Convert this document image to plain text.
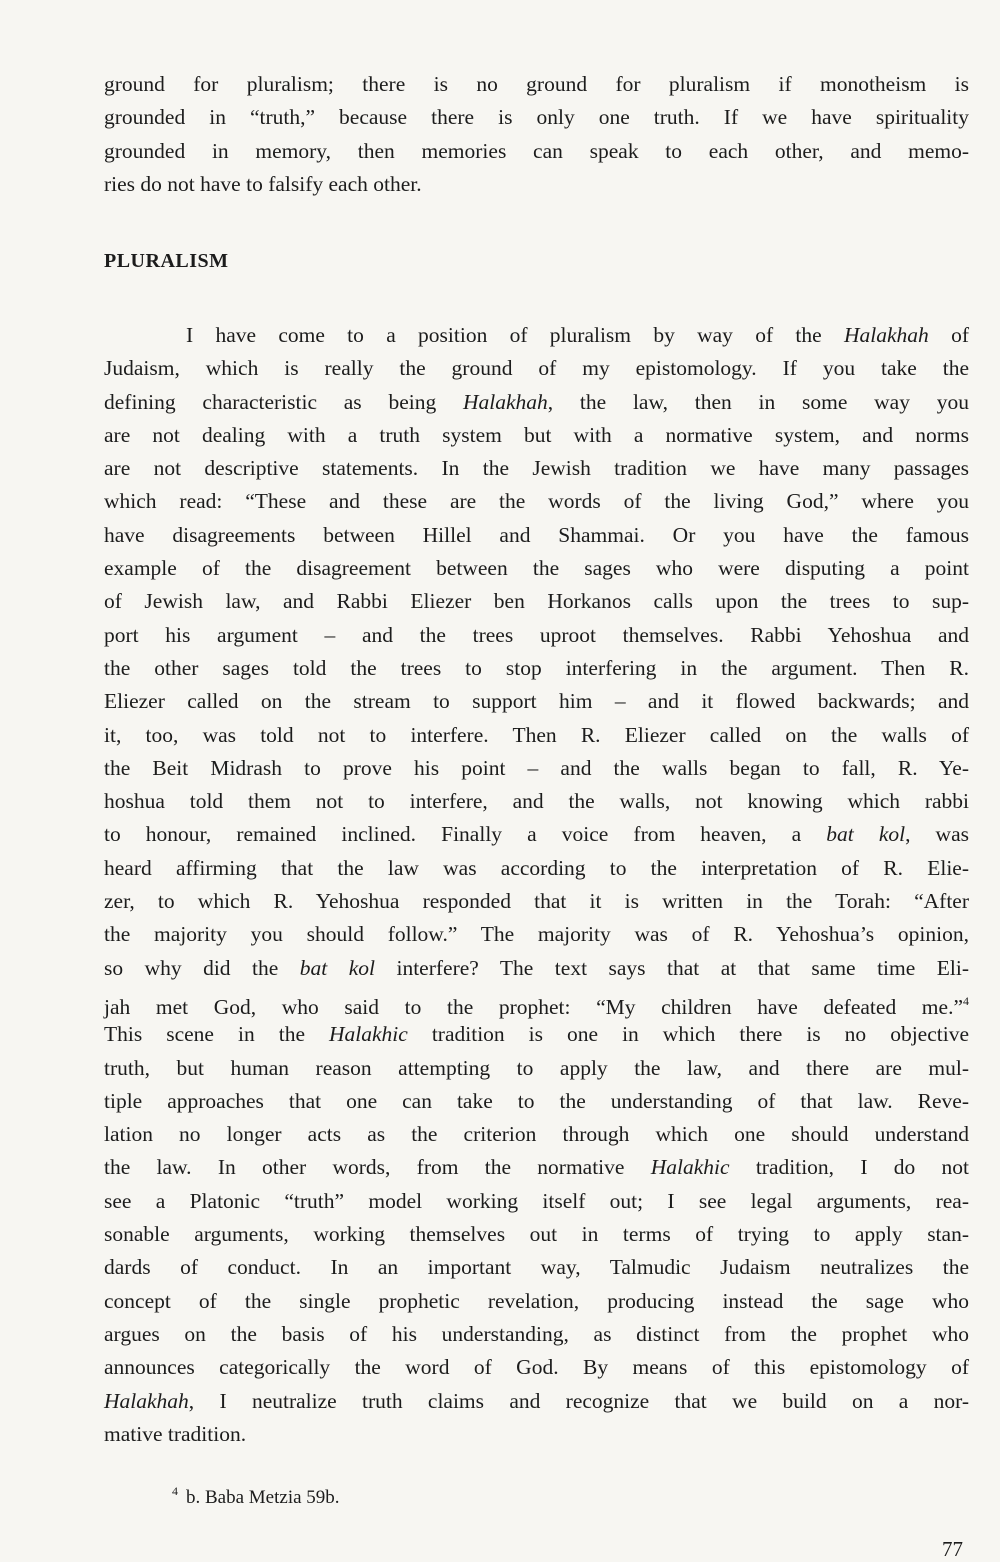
ground for pluralism; there is no ground for pluralism if monotheism is
grounded in “truth,” because there is only one truth. If we have spirituality
grounded in memory, then memories can speak to each other, and memo-
ries do not have to falsify each other.
PLURALISM
I have come to a position of pluralism by way of the Halakhah of
Judaism, which is really the ground of my epistomology. If you take the
defining characteristic as being Halakhah, the law, then in some way you
are not dealing with a truth system but with a normative system, and norms
are not descriptive statements. In the Jewish tradition we have many passages
which read: “These and these are the words of the living God,” where you
have disagreements between Hillel and Shammai. Or you have the famous
example of the disagreement between the sages who were disputing a point
of Jewish law, and Rabbi Eliezer ben Horkanos calls upon the trees to sup-
port his argument – and the trees uproot themselves. Rabbi Yehoshua and
the other sages told the trees to stop interfering in the argument. Then R.
Eliezer called on the stream to support him – and it flowed backwards; and
it, too, was told not to interfere. Then R. Eliezer called on the walls of
the Beit Midrash to prove his point – and the walls began to fall, R. Ye-
hoshua told them not to interfere, and the walls, not knowing which rabbi
to honour, remained inclined. Finally a voice from heaven, a bat kol, was
heard affirming that the law was according to the interpretation of R. Elie-
zer, to which R. Yehoshua responded that it is written in the Torah: “After
the majority you should follow.” The majority was of R. Yehoshua’s opinion,
so why did the bat kol interfere? The text says that at that same time Eli-
jah met God, who said to the prophet: “My children have defeated me.”$^4$
This scene in the Halakhic tradition is one in which there is no objective
truth, but human reason attempting to apply the law, and there are mul-
tiple approaches that one can take to the understanding of that law. Reve-
lation no longer acts as the criterion through which one should understand
the law. In other words, from the normative Halakhic tradition, I do not
see a Platonic “truth” model working itself out; I see legal arguments, rea-
sonable arguments, working themselves out in terms of trying to apply stan-
dards of conduct. In an important way, Talmudic Judaism neutralizes the
concept of the single prophetic revelation, producing instead the sage who
argues on the basis of his understanding, as distinct from the prophet who
announces categorically the word of God. By means of this epistomology of
Halakhah, I neutralize truth claims and recognize that we build on a nor-
mative tradition.
$^4$ b. Baba Metzia 59b.
77
